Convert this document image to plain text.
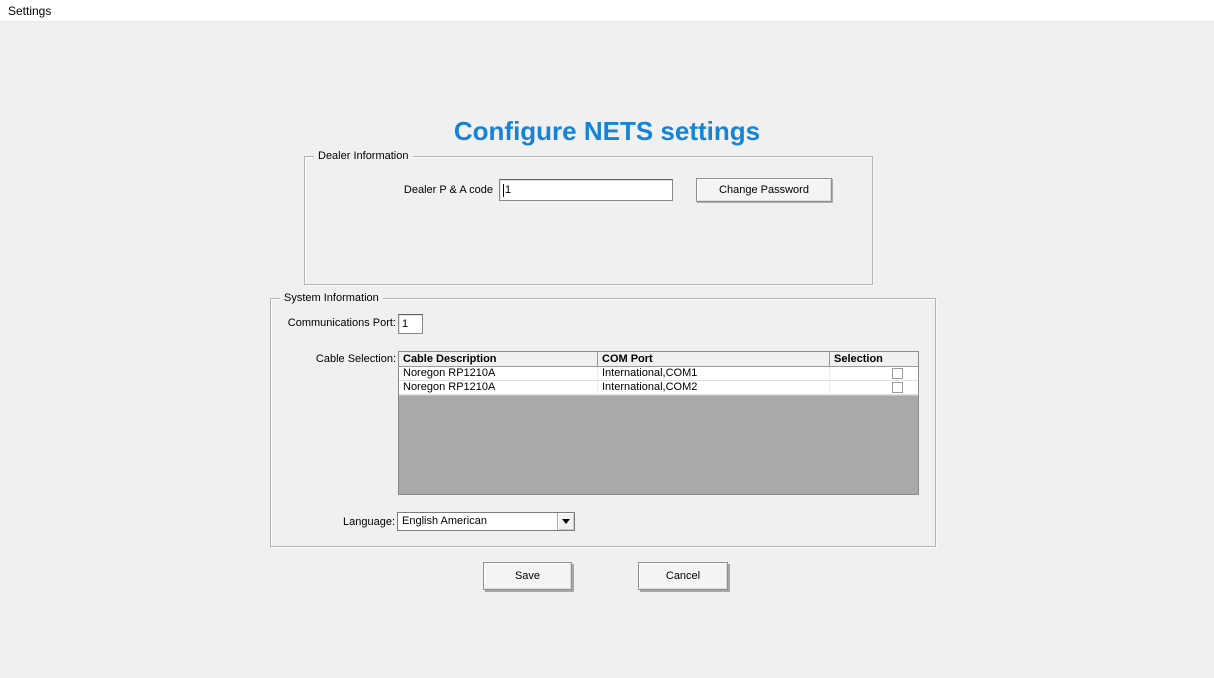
Settings
Configure NETS settings
Dealer Information
Dealer P & A code 1	Change Password
System Information
Communications Port:
1
Cable Selection: Cable Description	COM Port	Selection
Noregon RP1210A	International,COM1
Noregon RP1210A	International,COM2
Language: English American
Save	Cancel
